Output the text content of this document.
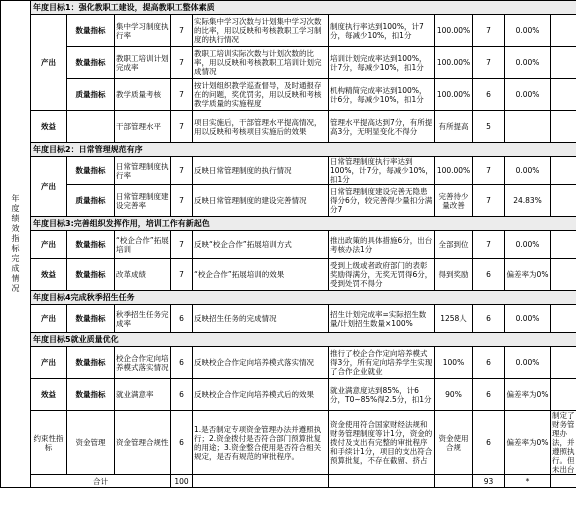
年度绩效指标完成情况	年度目标1：强化教职工建设，提高教职工整体素质									
	产出	数量指标	集中学习制度执行率	7	实际集中学习次数与计划集中学习次数的比率，用以反映和考核教职工学习制度的执行情况	制度执行率达到100%，计7分，每减少10%，扣1分	100.00%	7	0.00%	
		数量指标	教职工培训计划完成率	7	教职工培训实际次数与计划次数的比率，用以反映和考核教职工培训计划完成情况	培训计划完成率达到100%，计7分，每减少10%，扣1分	100.00%	7	0.00%	
		质量指标	教学质量考核	7	按计划组织教学巡查督导，及时通报存在的问题，奖优罚劣，用以反映和考核教学质量的实施程度	机构精简完成率达到100%，计6分，每减少10%，扣1分	100.00%	6	0.00%	
	效益		干部管理水平	7	项目实施后，干部管理水平提高情况，用以反映和考核项目实施后的效果	管理水平提高达到7分，有所提高3分，无明显变化不得分	有所提高	5		
	年度目标2：日常管理规范有序									
	产出	数量指标	日常管理制度执行率	7	反映日常管理制度的执行情况	日常管理制度执行率达到100%，计7分，每减少10%，扣1分	100.00%	7	0.00%	
		质量指标	日常管理制度建设完善率	7	反映日常管理制度的建设完善情况	日常管理制度建设完善无隐患得分6分，较完善得少量扣分满分7	完善待少量改善	7	24.83%	
	年度目标3:完善组织发挥作用，培训工作有新起色									
	产出	数量指标	“校企合作”拓展培训	7	反映“校企合作”拓展培训方式	推出政策的具体措施6分，出台考核办法1分	全部到位	7	0.00%	
	效益	数量指标	改革成绩	7	“校企合作”拓展培训的效果	受到上级或者政府部门的表彰奖励得满分，无奖无罚得6分，受到处罚不得分	得到奖励	6	偏差率为0%	
	年度目标4完成秋季招生任务									
	产出	数量指标	秋季招生任务完成率	6	反映招生任务的完成情况	招生计划完成率=实际招生数量/计划招生数量×100%	1258人	6	0.00%	
	年度目标5就业质量优化									
	产出	数量指标	校企合作定向培养模式落实情况	6	反映校企合作定向培养模式落实情况	推行了校企合作定向培养模式得3分，所有定向培养学生实现了合作企业就业	100%	6	0.00%	
	效益	数量指标	就业满意率	6	反映校企合作定向培养模式后的效果	就业满意度达到85%，计6分，T0~85%得2.5分，扣1分	90%	6	偏差率为0%	
	约束性指标	资金管理	资金管理合规性	6	1.是否制定专项资金管理办法并遵照执行；2.资金拨付是否符合部门预算批复的用途；3.资金整合使用是否符合相关规定，是否有规范的审批程序。	资金使用符合国家财经法规和财务管理制度等计1分，资金的拨付及支出有完整的审批程序和手续计1分，项目的支出符合预算批复，不存在截留、挤占	资金使用合规	6	偏差率为0%	制定了财务管理办法，并遵照执行。但未出台
	合计			100				93	*	
